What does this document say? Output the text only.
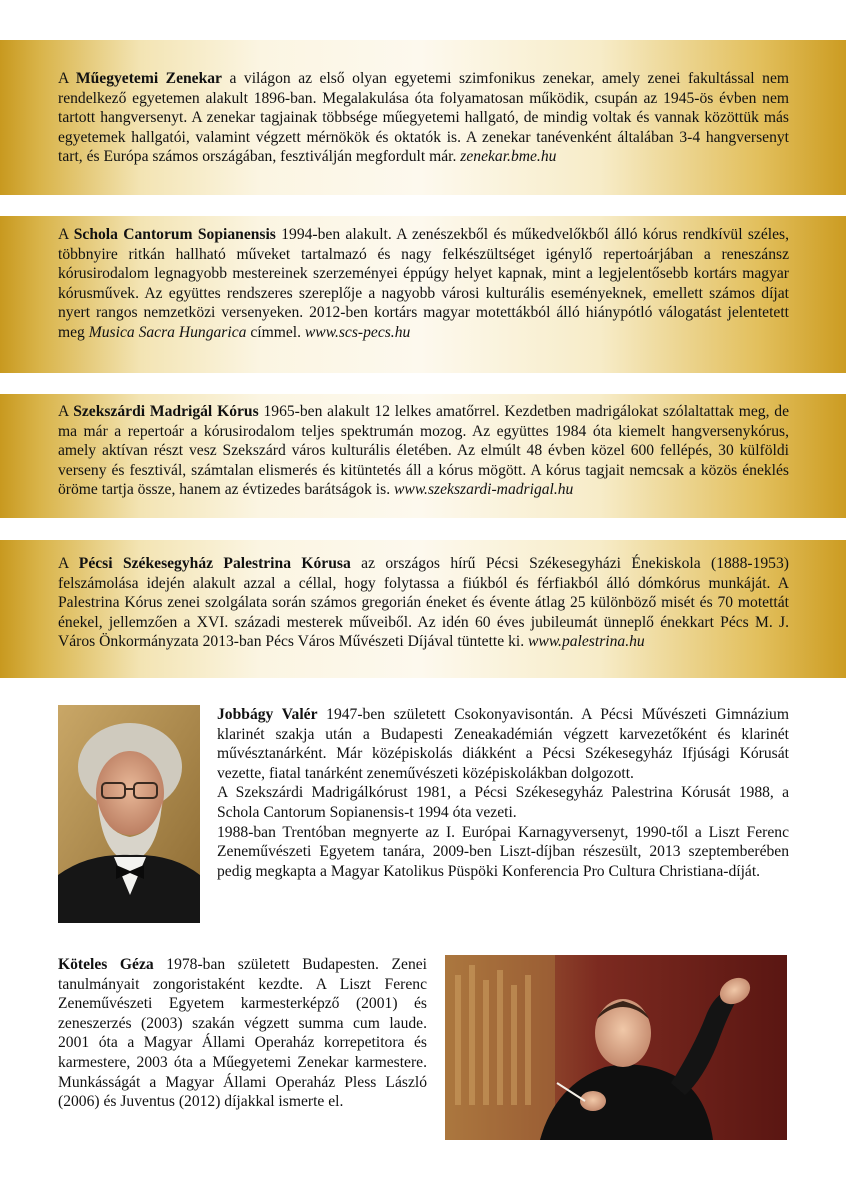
A Műegyetemi Zenekar a világon az első olyan egyetemi szimfonikus zenekar, amely zenei fakultással nem rendelkező egyetemen alakult 1896-ban. Megalakulása óta folyamatosan működik, csupán az 1945-ös évben nem tartott hangversenyt. A zenekar tagjainak többsége műegyetemi hallgató, de mindig voltak és vannak közöttük más egyetemek hallgatói, valamint végzett mérnökök és oktatók is. A zenekar tanévenként általában 3-4 hangversenyt tart, és Európa számos országában, fesztiválján megfordult már. zenekar.bme.hu
A Schola Cantorum Sopianensis 1994-ben alakult. A zenészekből és műkedvelőkből álló kórus rendkívül széles, többnyire ritkán hallható műveket tartalmazó és nagy felkészültséget igénylő repertoárjában a reneszánsz kórusirodalom legnagyobb mestereinek szerzeményei éppúgy helyet kapnak, mint a legjelentősebb kortárs magyar kórusművek. Az együttes rendszeres szereplője a nagyobb városi kulturális eseményeknek, emellett számos díjat nyert rangos nemzetközi versenyeken. 2012-ben kortárs magyar motettákból álló hiánypótló válogatást jelentetett meg Musica Sacra Hungarica címmel. www.scs-pecs.hu
A Szekszárdi Madrigál Kórus 1965-ben alakult 12 lelkes amatőrrel. Kezdetben madrigálokat szólaltattak meg, de ma már a repertoár a kórusirodalom teljes spektrumán mozog. Az együttes 1984 óta kiemelt hangversenykórus, amely aktívan részt vesz Szekszárd város kulturális életében. Az elmúlt 48 évben közel 600 fellépés, 30 külföldi verseny és fesztivál, számtalan elismerés és kitüntetés áll a kórus mögött. A kórus tagjait nemcsak a közös éneklés öröme tartja össze, hanem az évtizedes barátságok is. www.szekszardi-madrigal.hu
A Pécsi Székesegyház Palestrina Kórusa az országos hírű Pécsi Székesegyházi Énekiskola (1888-1953) felszámolása idején alakult azzal a céllal, hogy folytassa a fiúkból és férfiakból álló dómkórus munkáját. A Palestrina Kórus zenei szolgálata során számos gregorián éneket és évente átlag 25 különböző misét és 70 motettát énekel, jellemzően a XVI. századi mesterek műveiből. Az idén 60 éves jubileumát ünneplő énekkart Pécs M. J. Város Önkormányzata 2013-ban Pécs Város Művészeti Díjával tüntette ki. www.palestrina.hu
Jobbágy Valér 1947-ben született Csokonyavisontán. A Pécsi Művészeti Gimnázium klarinét szakja után a Budapesti Zeneakadémián végzett karvezetőként és klarinét művésztanárként. Már középiskolás diákként a Pécsi Székesegyház Ifjúsági Kórusát vezette, fiatal tanárként zeneművészeti középiskolákban dolgozott.
A Szekszárdi Madrigálkórust 1981, a Pécsi Székesegyház Palestrina Kórusát 1988, a Schola Cantorum Sopianensis-t 1994 óta vezeti.
1988-ban Trentóban megnyerte az I. Európai Karnagyversenyt, 1990-től a Liszt Ferenc Zeneművészeti Egyetem tanára, 2009-ben Liszt-díjban részesült, 2013 szeptemberében pedig megkapta a Magyar Katolikus Püspöki Konferencia Pro Cultura Christiana-díját.
Köteles Géza 1978-ban született Budapesten. Zenei tanulmányait zongoristaként kezdte. A Liszt Ferenc Zeneművészeti Egyetem karmesterképző (2001) és zeneszerzés (2003) szakán végzett summa cum laude. 2001 óta a Magyar Állami Operaház korrepetitora és karmestere, 2003 óta a Műegyetemi Zenekar karmestere. Munkásságát a Magyar Állami Operaház Pless László (2006) és Juventus (2012) díjakkal ismerte el.
